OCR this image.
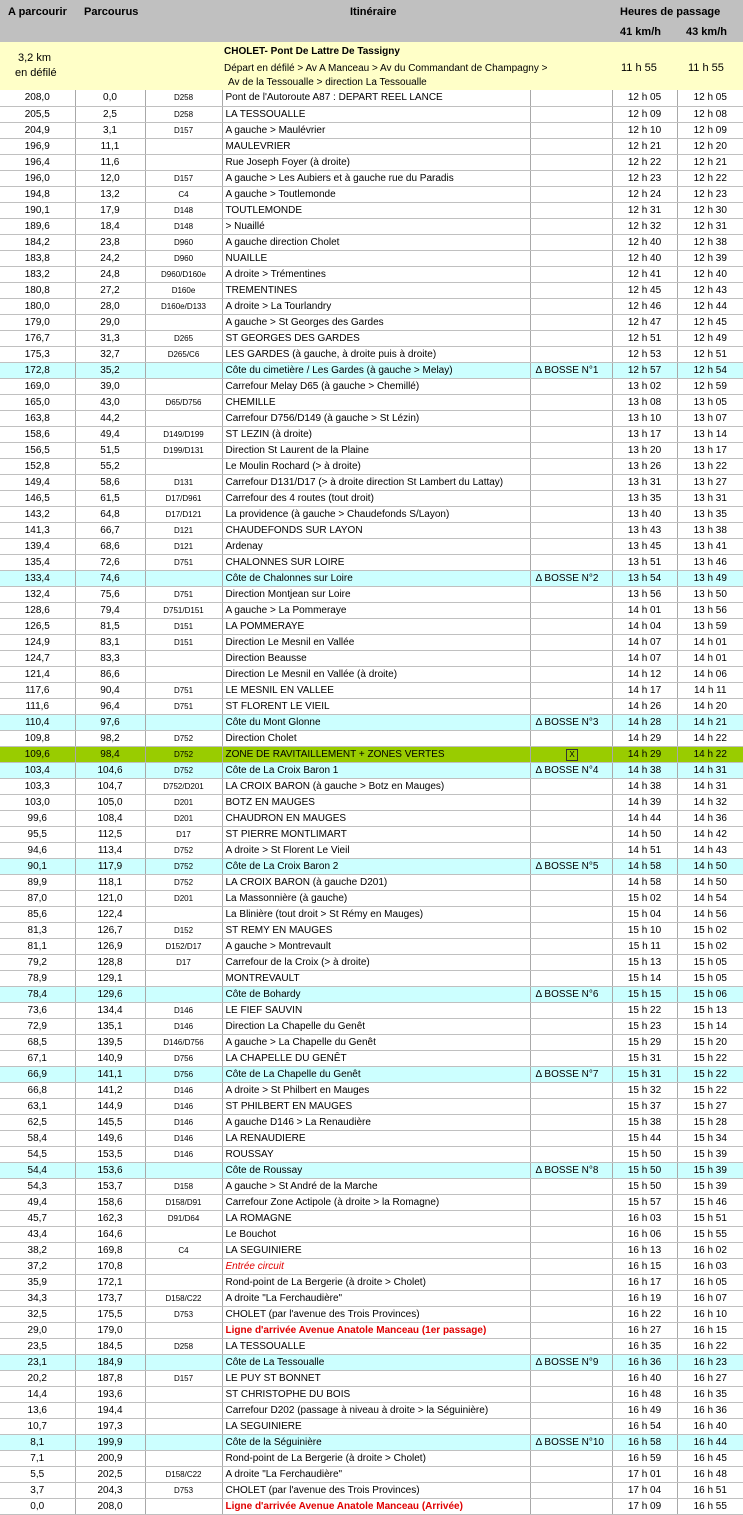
A parcourir Parcourus	Itinéraire	Heures de passage
41 km/h 43 km/h
3,2 km
en défilé
CHOLET- Pont De Lattre De Tassigny
Départ en défilé > Av A Manceau > Av du Commandant de Champagny >
Av de la Tessoualle > direction La Tessoualle
11 h 55	11 h 55
208,0	0,0	D258	Pont de l'Autoroute A87 : DEPART REEL LANCE		12 h 05	12 h 05
205,5	2,5	D258	LA TESSOUALLE		12 h 09	12 h 08
204,9	3,1	D157	A gauche > Maulévrier		12 h 10	12 h 09
196,9	11,1		MAULEVRIER		12 h 21	12 h 20
196,4	11,6		Rue Joseph Foyer (à droite)		12 h 22	12 h 21
196,0	12,0	D157	A gauche > Les Aubiers et à gauche rue du Paradis		12 h 23	12 h 22
194,8	13,2	C4	A gauche > Toutlemonde		12 h 24	12 h 23
190,1	17,9	D148	TOUTLEMONDE		12 h 31	12 h 30
189,6	18,4	D148	> Nuaillé		12 h 32	12 h 31
184,2	23,8	D960	A gauche direction Cholet		12 h 40	12 h 38
183,8	24,2	D960	NUAILLE		12 h 40	12 h 39
183,2	24,8	D960/D160e	A droite > Trémentines		12 h 41	12 h 40
180,8	27,2	D160e	TREMENTINES		12 h 45	12 h 43
180,0	28,0	D160e/D133	A droite > La Tourlandry		12 h 46	12 h 44
179,0	29,0		A gauche > St Georges des Gardes		12 h 47	12 h 45
176,7	31,3	D265	ST GEORGES DES GARDES		12 h 51	12 h 49
175,3	32,7	D265/C6	LES GARDES (à gauche, à droite puis à droite)		12 h 53	12 h 51
172,8	35,2		Côte du cimetière / Les Gardes (à gauche > Melay)	Δ BOSSE N°1	12 h 57	12 h 54
169,0	39,0		Carrefour Melay D65 (à gauche > Chemillé)		13 h 02	12 h 59
165,0	43,0	D65/D756	CHEMILLE		13 h 08	13 h 05
163,8	44,2		Carrefour D756/D149 (à gauche > St Lézin)		13 h 10	13 h 07
158,6	49,4	D149/D199	ST LEZIN (à droite)		13 h 17	13 h 14
156,5	51,5	D199/D131	Direction St Laurent de la Plaine		13 h 20	13 h 17
152,8	55,2		Le Moulin Rochard (> à droite)		13 h 26	13 h 22
149,4	58,6	D131	Carrefour D131/D17 (> à droite direction St Lambert du Lattay)		13 h 31	13 h 27
146,5	61,5	D17/D961	Carrefour des 4 routes (tout droit)		13 h 35	13 h 31
143,2	64,8	D17/D121	La providence (à gauche > Chaudefonds S/Layon)		13 h 40	13 h 35
141,3	66,7	D121	CHAUDEFONDS SUR LAYON		13 h 43	13 h 38
139,4	68,6	D121	Ardenay		13 h 45	13 h 41
135,4	72,6	D751	CHALONNES SUR LOIRE		13 h 51	13 h 46
133,4	74,6		Côte de Chalonnes sur Loire	Δ BOSSE N°2	13 h 54	13 h 49
132,4	75,6	D751	Direction Montjean sur Loire		13 h 56	13 h 50
128,6	79,4	D751/D151	A gauche > La Pommeraye		14 h 01	13 h 56
126,5	81,5	D151	LA POMMERAYE		14 h 04	13 h 59
124,9	83,1	D151	Direction Le Mesnil en Vallée		14 h 07	14 h 01
124,7	83,3		Direction Beausse		14 h 07	14 h 01
121,4	86,6		Direction Le Mesnil en Vallée (à droite)		14 h 12	14 h 06
117,6	90,4	D751	LE MESNIL EN VALLEE		14 h 17	14 h 11
111,6	96,4	D751	ST FLORENT LE VIEIL		14 h 26	14 h 20
110,4	97,6		Côte du Mont Glonne	Δ BOSSE N°3	14 h 28	14 h 21
109,8	98,2	D752	Direction Cholet		14 h 29	14 h 22
109,6	98,4	D752	ZONE DE RAVITAILLEMENT + ZONES VERTES	X	14 h 29	14 h 22
103,4	104,6	D752	Côte de La Croix Baron 1	Δ BOSSE N°4	14 h 38	14 h 31
103,3	104,7	D752/D201	LA CROIX BARON (à gauche > Botz en Mauges)		14 h 38	14 h 31
103,0	105,0	D201	BOTZ EN MAUGES		14 h 39	14 h 32
99,6	108,4	D201	CHAUDRON EN MAUGES		14 h 44	14 h 36
95,5	112,5	D17	ST PIERRE MONTLIMART		14 h 50	14 h 42
94,6	113,4	D752	A droite > St Florent Le Vieil		14 h 51	14 h 43
90,1	117,9	D752	Côte de La Croix Baron 2	Δ BOSSE N°5	14 h 58	14 h 50
89,9	118,1	D752	LA CROIX BARON (à gauche D201)		14 h 58	14 h 50
87,0	121,0	D201	La Massonnière (à gauche)		15 h 02	14 h 54
85,6	122,4		La Blinière (tout droit > St Rémy en Mauges)		15 h 04	14 h 56
81,3	126,7	D152	ST REMY EN MAUGES		15 h 10	15 h 02
81,1	126,9	D152/D17	A gauche > Montrevault		15 h 11	15 h 02
79,2	128,8	D17	Carrefour de la Croix (> à droite)		15 h 13	15 h 05
78,9	129,1		MONTREVAULT		15 h 14	15 h 05
78,4	129,6		Côte de Bohardy	Δ BOSSE N°6	15 h 15	15 h 06
73,6	134,4	D146	LE FIEF SAUVIN		15 h 22	15 h 13
72,9	135,1	D146	Direction La Chapelle du Genêt		15 h 23	15 h 14
68,5	139,5	D146/D756	A gauche > La Chapelle du Genêt		15 h 29	15 h 20
67,1	140,9	D756	LA CHAPELLE DU GENÊT		15 h 31	15 h 22
66,9	141,1	D756	Côte de La Chapelle du Genêt	Δ BOSSE N°7	15 h 31	15 h 22
66,8	141,2	D146	A droite > St Philbert en Mauges		15 h 32	15 h 22
63,1	144,9	D146	ST PHILBERT EN MAUGES		15 h 37	15 h 27
62,5	145,5	D146	A gauche D146 > La Renaudière		15 h 38	15 h 28
58,4	149,6	D146	LA RENAUDIERE		15 h 44	15 h 34
54,5	153,5	D146	ROUSSAY		15 h 50	15 h 39
54,4	153,6		Côte de Roussay	Δ BOSSE N°8	15 h 50	15 h 39
54,3	153,7	D158	A gauche > St André de la Marche		15 h 50	15 h 39
49,4	158,6	D158/D91	Carrefour Zone Actipole (à droite > la Romagne)		15 h 57	15 h 46
45,7	162,3	D91/D64	LA ROMAGNE		16 h 03	15 h 51
43,4	164,6		Le Bouchot		16 h 06	15 h 55
38,2	169,8	C4	LA SEGUINIERE		16 h 13	16 h 02
37,2	170,8		Entrée circuit		16 h 15	16 h 03
35,9	172,1		Rond-point de La Bergerie (à droite > Cholet)		16 h 17	16 h 05
34,3	173,7	D158/C22	A droite "La Ferchaudière"		16 h 19	16 h 07
32,5	175,5	D753	CHOLET (par l'avenue des Trois Provinces)		16 h 22	16 h 10
29,0	179,0		Ligne d'arrivée Avenue Anatole Manceau (1er passage)		16 h 27	16 h 15
23,5	184,5	D258	LA TESSOUALLE		16 h 35	16 h 22
23,1	184,9		Côte de La Tessoualle	Δ BOSSE N°9	16 h 36	16 h 23
20,2	187,8	D157	LE PUY ST BONNET		16 h 40	16 h 27
14,4	193,6		ST CHRISTOPHE DU BOIS		16 h 48	16 h 35
13,6	194,4		Carrefour D202 (passage à niveau à droite > la Séguinière)		16 h 49	16 h 36
10,7	197,3		LA SEGUINIERE		16 h 54	16 h 40
8,1	199,9		Côte de la Séguinière	Δ BOSSE N°10	16 h 58	16 h 44
7,1	200,9		Rond-point de La Bergerie (à droite > Cholet)		16 h 59	16 h 45
5,5	202,5	D158/C22	A droite "La Ferchaudière"		17 h 01	16 h 48
3,7	204,3	D753	CHOLET (par l'avenue des Trois Provinces)		17 h 04	16 h 51
0,0	208,0		Ligne d'arrivée Avenue Anatole Manceau (Arrivée)		17 h 09	16 h 55
